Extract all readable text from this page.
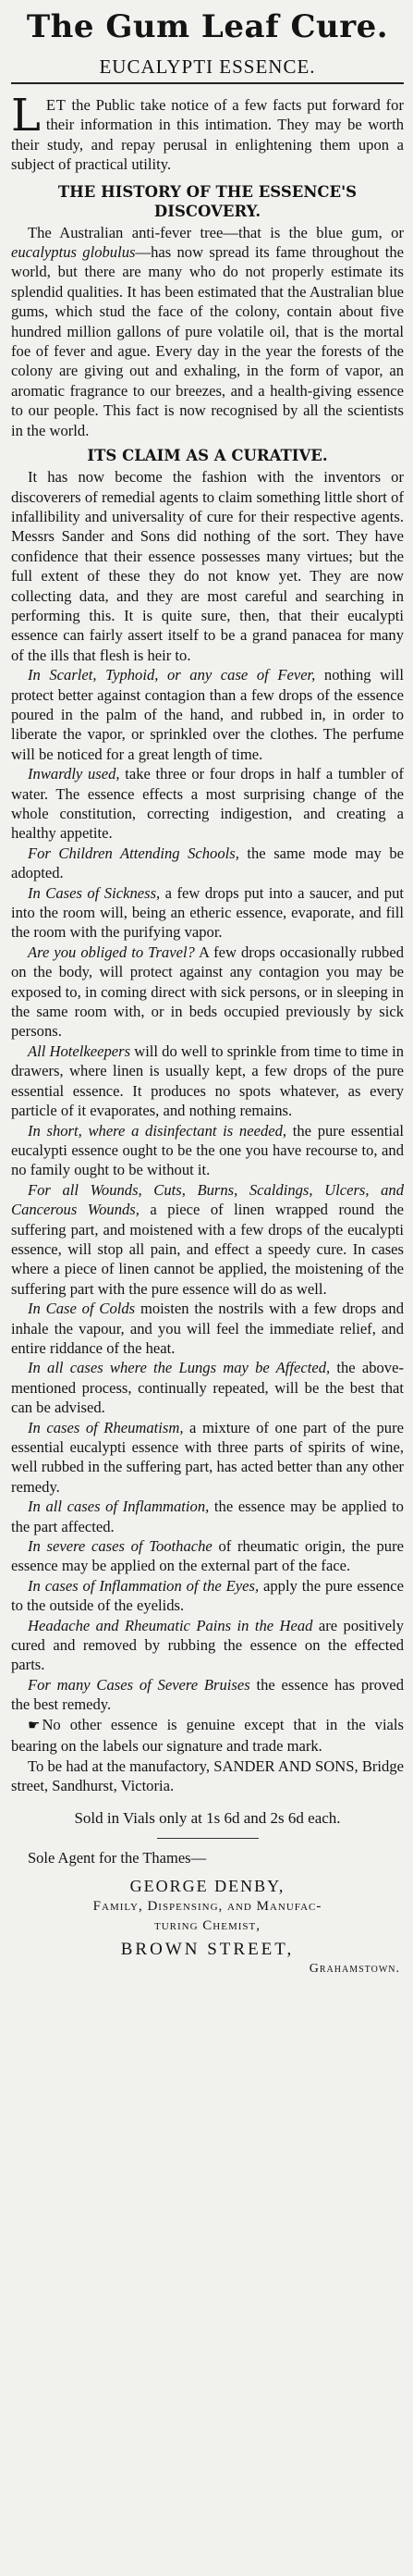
The Gum Leaf Cure.
EUCALYPTI ESSENCE.

LET the Public take notice of a few facts put forward for their information in this intimation. They may be worth their study, and repay perusal in enlightening them upon a subject of practical utility.

THE HISTORY OF THE ESSENCE'S DISCOVERY.

The Australian anti-fever tree—that is the blue gum, or eucalyptus globulus—has now spread its fame throughout the world, but there are many who do not properly estimate its splendid qualities. It has been estimated that the Australian blue gums, which stud the face of the colony, contain about five hundred million gallons of pure volatile oil, that is the mortal foe of fever and ague. Every day in the year the forests of the colony are giving out and exhaling, in the form of vapor, an aromatic fragrance to our breezes, and a health-giving essence to our people. This fact is now recognised by all the scientists in the world.

ITS CLAIM AS A CURATIVE.

It has now become the fashion with the inventors or discoverers of remedial agents to claim something little short of infallibility and universality of cure for their respective agents. Messrs Sander and Sons did nothing of the sort. They have confidence that their essence possesses many virtues; but the full extent of these they do not know yet. They are now collecting data, and they are most careful and searching in performing this. It is quite sure, then, that their eucalypti essence can fairly assert itself to be a grand panacea for many of the ills that flesh is heir to.

In Scarlet, Typhoid, or any case of Fever, nothing will protect better against contagion than a few drops of the essence poured in the palm of the hand, and rubbed in, in order to liberate the vapor, or sprinkled over the clothes. The perfume will be noticed for a great length of time.

Inwardly used, take three or four drops in half a tumbler of water. The essence effects a most surprising change of the whole constitution, correcting indigestion, and creating a healthy appetite.

For Children Attending Schools, the same mode may be adopted.

In Cases of Sickness, a few drops put into a saucer, and put into the room will, being an etheric essence, evaporate, and fill the room with the purifying vapor.

Are you obliged to Travel? A few drops occasionally rubbed on the body, will protect against any contagion you may be exposed to, in coming direct with sick persons, or in sleeping in the same room with, or in beds occupied previously by sick persons.

All Hotelkeepers will do well to sprinkle from time to time in drawers, where linen is usually kept, a few drops of the pure essential essence. It produces no spots whatever, as every particle of it evaporates, and nothing remains.

In short, where a disinfectant is needed, the pure essential eucalypti essence ought to be the one you have recourse to, and no family ought to be without it.

For all Wounds, Cuts, Burns, Scaldings, Ulcers, and Cancerous Wounds, a piece of linen wrapped round the suffering part, and moistened with a few drops of the eucalypti essence, will stop all pain, and effect a speedy cure. In cases where a piece of linen cannot be applied, the moistening of the suffering part with the pure essence will do as well.

In Case of Colds moisten the nostrils with a few drops and inhale the vapour, and you will feel the immediate relief, and entire riddance of the heat.

In all cases where the Lungs may be Affected, the above-mentioned process, continually repeated, will be the best that can be advised.

In cases of Rheumatism, a mixture of one part of the pure essential eucalypti essence with three parts of spirits of wine, well rubbed in the suffering part, has acted better than any other remedy.

In all cases of Inflammation, the essence may be applied to the part affected.

In severe cases of Toothache of rheumatic origin, the pure essence may be applied on the external part of the face.

In cases of Inflammation of the Eyes, apply the pure essence to the outside of the eyelids.

Headache and Rheumatic Pains in the Head are positively cured and removed by rubbing the essence on the effected parts.

For many Cases of Severe Bruises the essence has proved the best remedy.

☛ No other essence is genuine except that in the vials bearing on the labels our signature and trade mark.

To be had at the manufactory, SANDER AND SONS, Bridge street, Sandhurst, Victoria.

Sold in Vials only at 1s 6d and 2s 6d each.

Sole Agent for the Thames—

GEORGE DENBY,
Family, Dispensing, and Manufac-
turing Chemist,
BROWN STREET,
Grahamstown.
